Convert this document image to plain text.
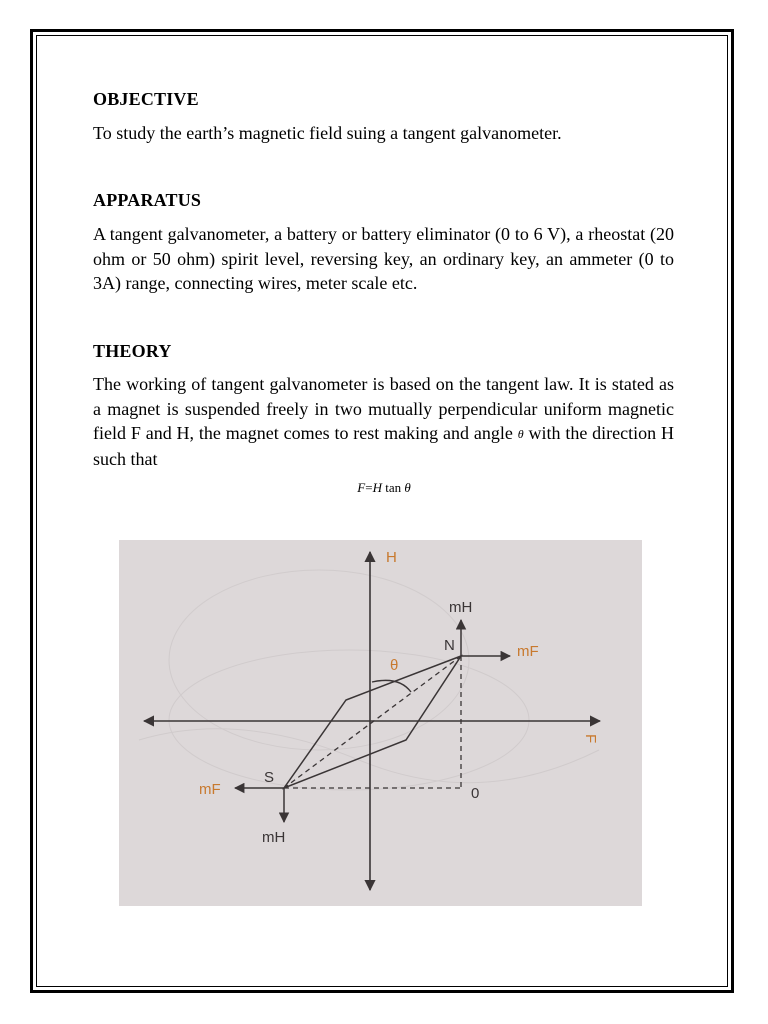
OBJECTIVE
To study the earth’s magnetic field suing a tangent galvanometer.
APPARATUS
A tangent galvanometer, a battery or battery eliminator (0 to 6 V), a rheostat (20 ohm or 50 ohm) spirit level, reversing key, an ordinary key, an ammeter (0 to 3A) range, connecting wires, meter scale etc.
THEORY
The working of tangent galvanometer is based on the tangent law. It is stated as a magnet is suspended freely in two mutually perpendicular uniform magnetic field F and H, the magnet comes to rest making and angle θ with the direction H such that
F=H tan θ
H
F
mH
N	mF
θ
S
mF	0
mH
